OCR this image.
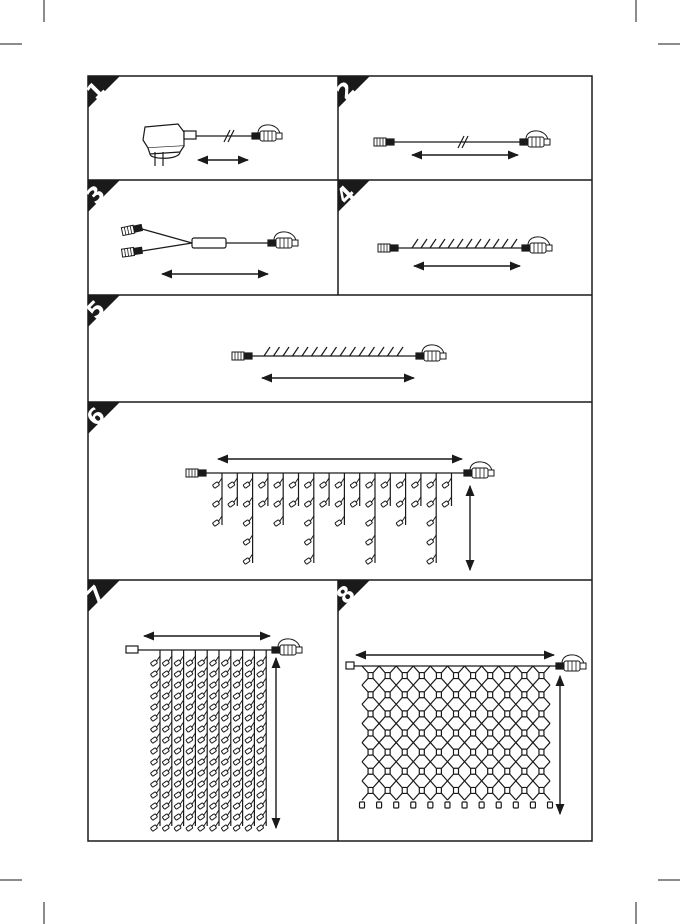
1	2
3	4
5
6
7	8
